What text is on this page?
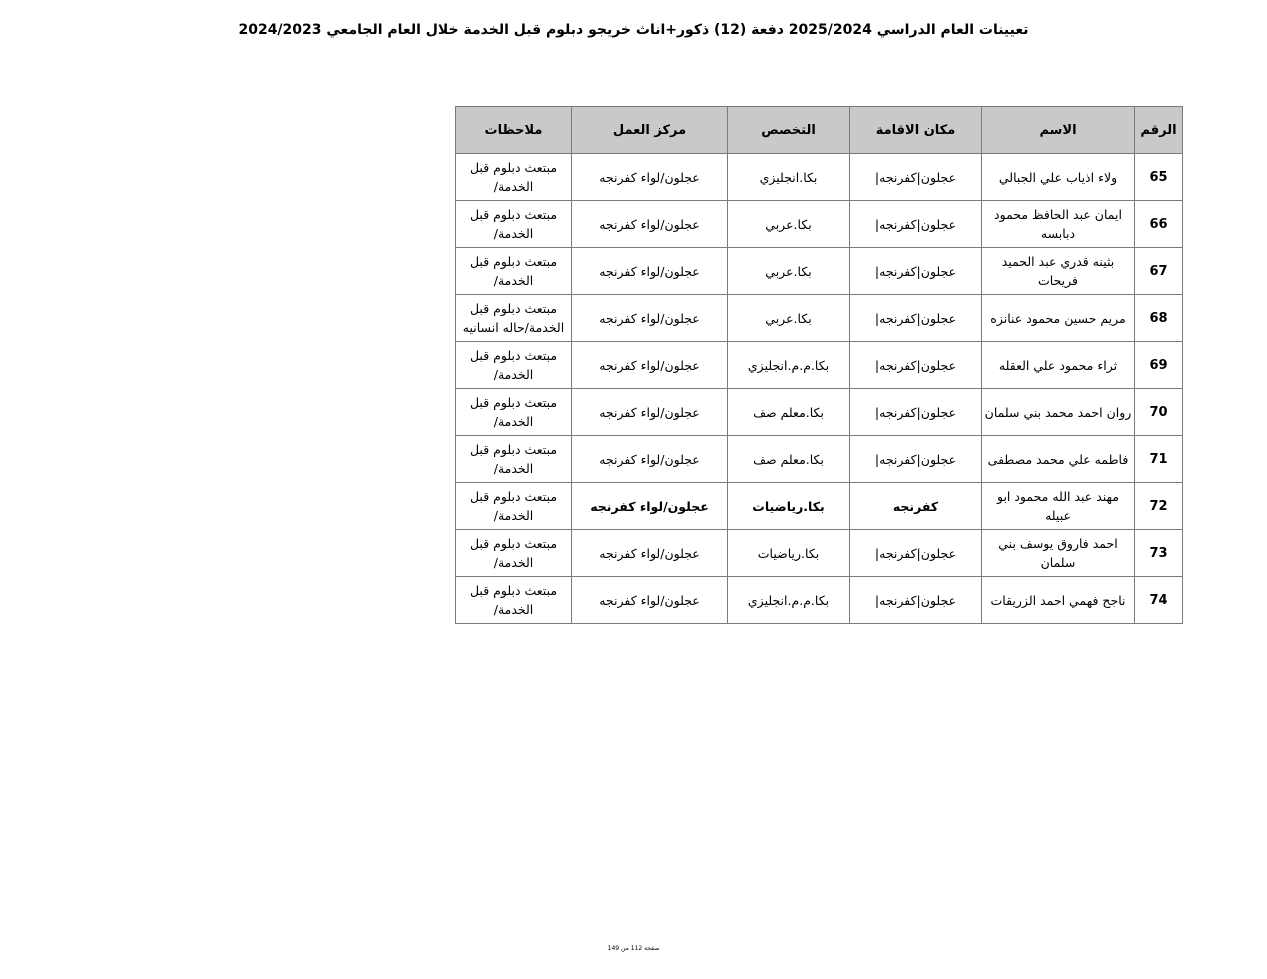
تعيينات العام الدراسي 2025/2024 دفعة (12) ذكور+اناث خريجو دبلوم قبل الخدمة خلال العام الجامعي 2024/2023
الرقم	الاسم	مكان الاقامة	التخصص	مركز العمل	ملاحظات
65	ولاء اذياب علي الجبالي	عجلون|كفرنجه|	بكا.انجليزي	عجلون/لواء كفرنجه	مبتعث دبلوم قبل الخدمة/
66	ايمان عبد الحافظ محمود دبابسه	عجلون|كفرنجه|	بكا.عربي	عجلون/لواء كفرنجه	مبتعث دبلوم قبل الخدمة/
67	بثينه قدري عبد الحميد فريحات	عجلون|كفرنجه|	بكا.عربي	عجلون/لواء كفرنجه	مبتعث دبلوم قبل الخدمة/
68	مريم حسين محمود عنانزه	عجلون|كفرنجه|	بكا.عربي	عجلون/لواء كفرنجه	مبتعث دبلوم قبل الخدمة/حاله انسانيه
69	ثراء محمود علي العقله	عجلون|كفرنجه|	بكا.م.م.انجليزي	عجلون/لواء كفرنجه	مبتعث دبلوم قبل الخدمة/
70	روان احمد محمد بني سلمان	عجلون|كفرنجه|	بكا.معلم صف	عجلون/لواء كفرنجه	مبتعث دبلوم قبل الخدمة/
71	فاطمه علي محمد مصطفى	عجلون|كفرنجه|	بكا.معلم صف	عجلون/لواء كفرنجه	مبتعث دبلوم قبل الخدمة/
72	مهند عبد الله محمود ابو عبيله	كفرنجه	بكا.رياضيات	عجلون/لواء كفرنجه	مبتعث دبلوم قبل الخدمة/
73	احمد فاروق يوسف بني سلمان	عجلون|كفرنجه|	بكا.رياضيات	عجلون/لواء كفرنجه	مبتعث دبلوم قبل الخدمة/
74	ناجح فهمي احمد الزريقات	عجلون|كفرنجه|	بكا.م.م.انجليزي	عجلون/لواء كفرنجه	مبتعث دبلوم قبل الخدمة/
صفحة 112 من 149
